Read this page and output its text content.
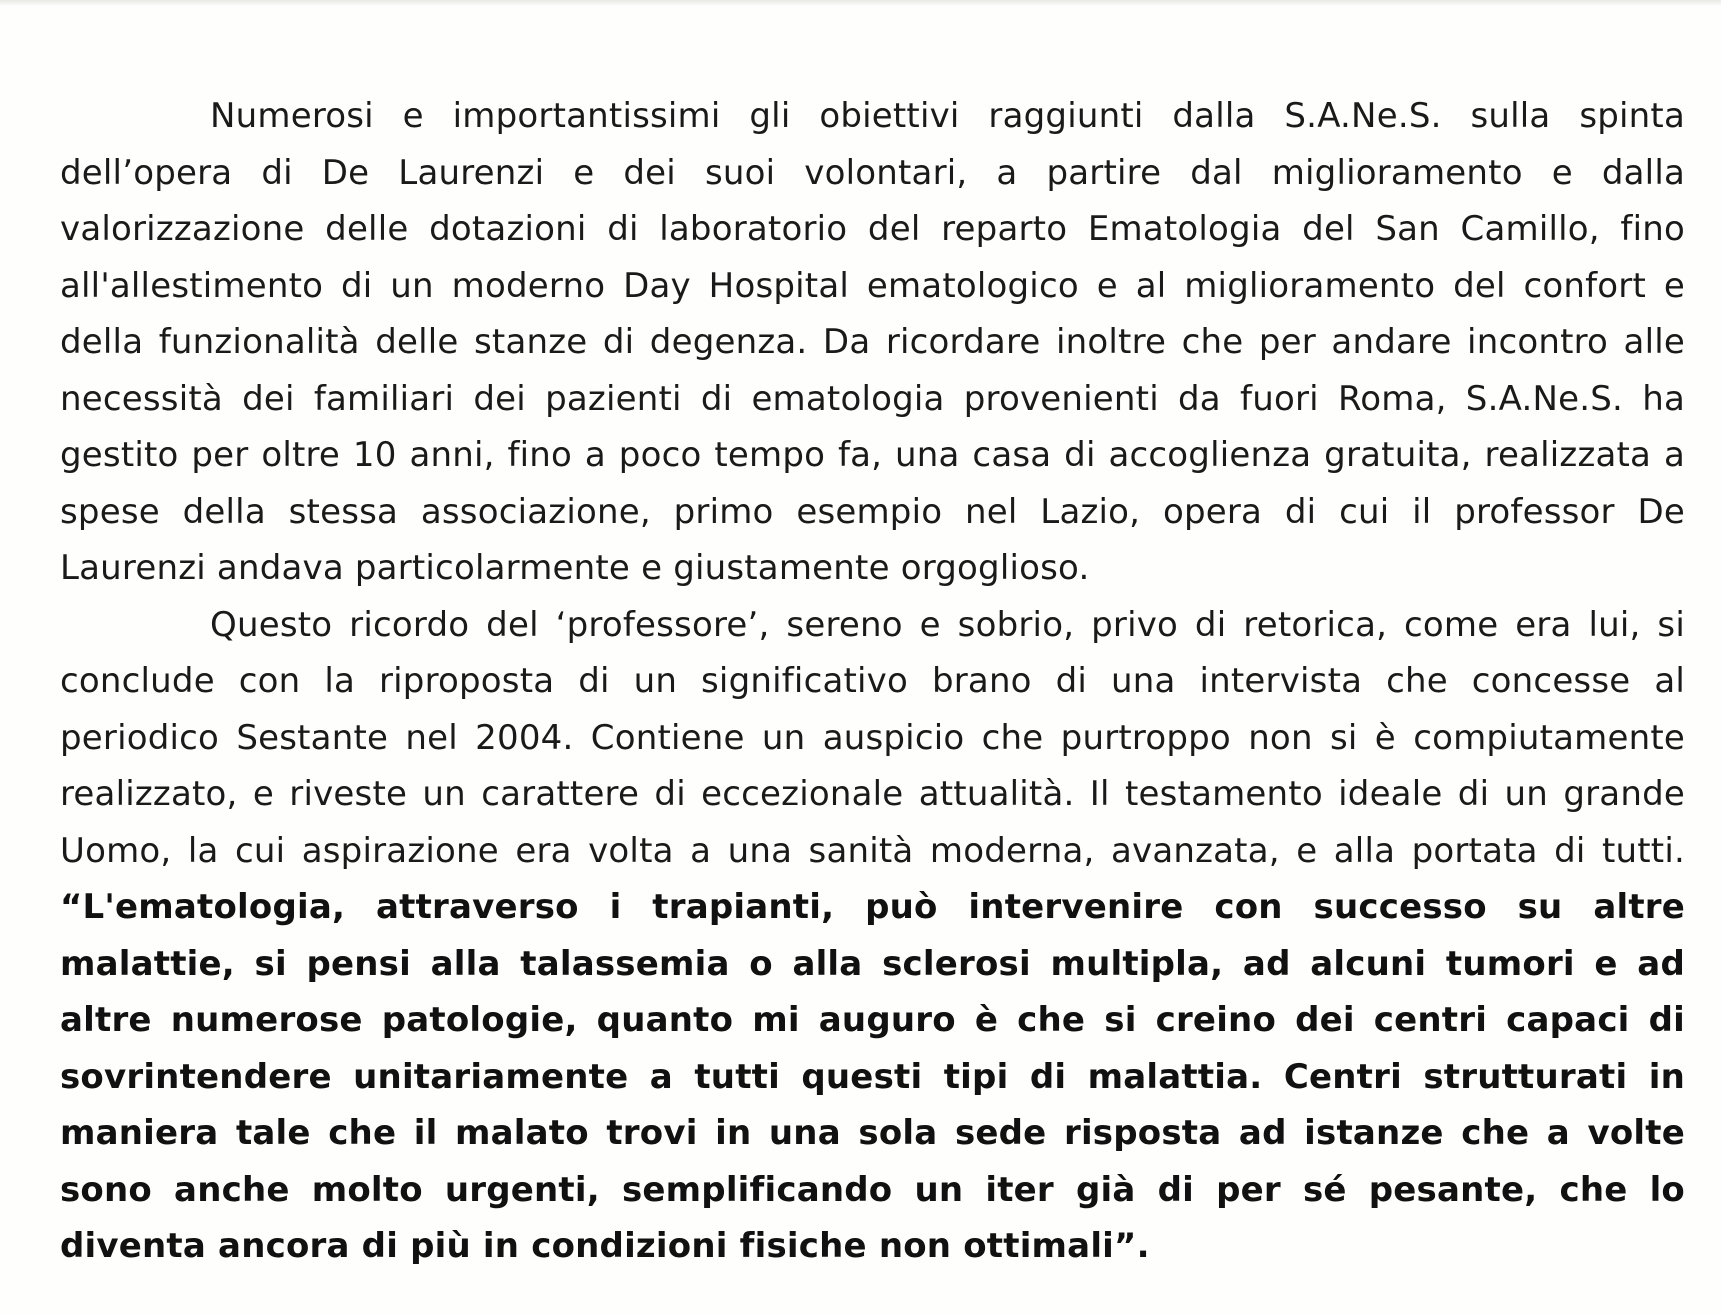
Numerosi e importantissimi gli obiettivi raggiunti dalla S.A.Ne.S. sulla spinta dell’opera di De Laurenzi e dei suoi volontari, a partire dal miglioramento e dalla valorizzazione delle dotazioni di laboratorio del reparto Ematologia del San Camillo, fino all'allestimento di un moderno Day Hospital ematologico e al miglioramento del confort e della funzionalità delle stanze di degenza. Da ricordare inoltre che per andare incontro alle necessità dei familiari dei pazienti di ematologia provenienti da fuori Roma, S.A.Ne.S. ha gestito per oltre 10 anni, fino a poco tempo fa, una casa di accoglienza gratuita, realizzata a spese della stessa associazione, primo esempio nel Lazio, opera di cui il professor De Laurenzi andava particolarmente e giustamente orgoglioso.

Questo ricordo del ‘professore’, sereno e sobrio, privo di retorica, come era lui, si conclude con la riproposta di un significativo brano di una intervista che concesse al periodico Sestante nel 2004. Contiene un auspicio che purtroppo non si è compiutamente realizzato, e riveste un carattere di eccezionale attualità. Il testamento ideale di un grande Uomo, la cui aspirazione era volta a una sanità moderna, avanzata, e alla portata di tutti. “L'ematologia, attraverso i trapianti, può intervenire con successo su altre malattie, si pensi alla talassemia o alla sclerosi multipla, ad alcuni tumori e ad altre numerose patologie, quanto mi auguro è che si creino dei centri capaci di sovrintendere unitariamente a tutti questi tipi di malattia. Centri strutturati in maniera tale che il malato trovi in una sola sede risposta ad istanze che a volte sono anche molto urgenti, semplificando un iter già di per sé pesante, che lo diventa ancora di più in condizioni fisiche non ottimali”.
